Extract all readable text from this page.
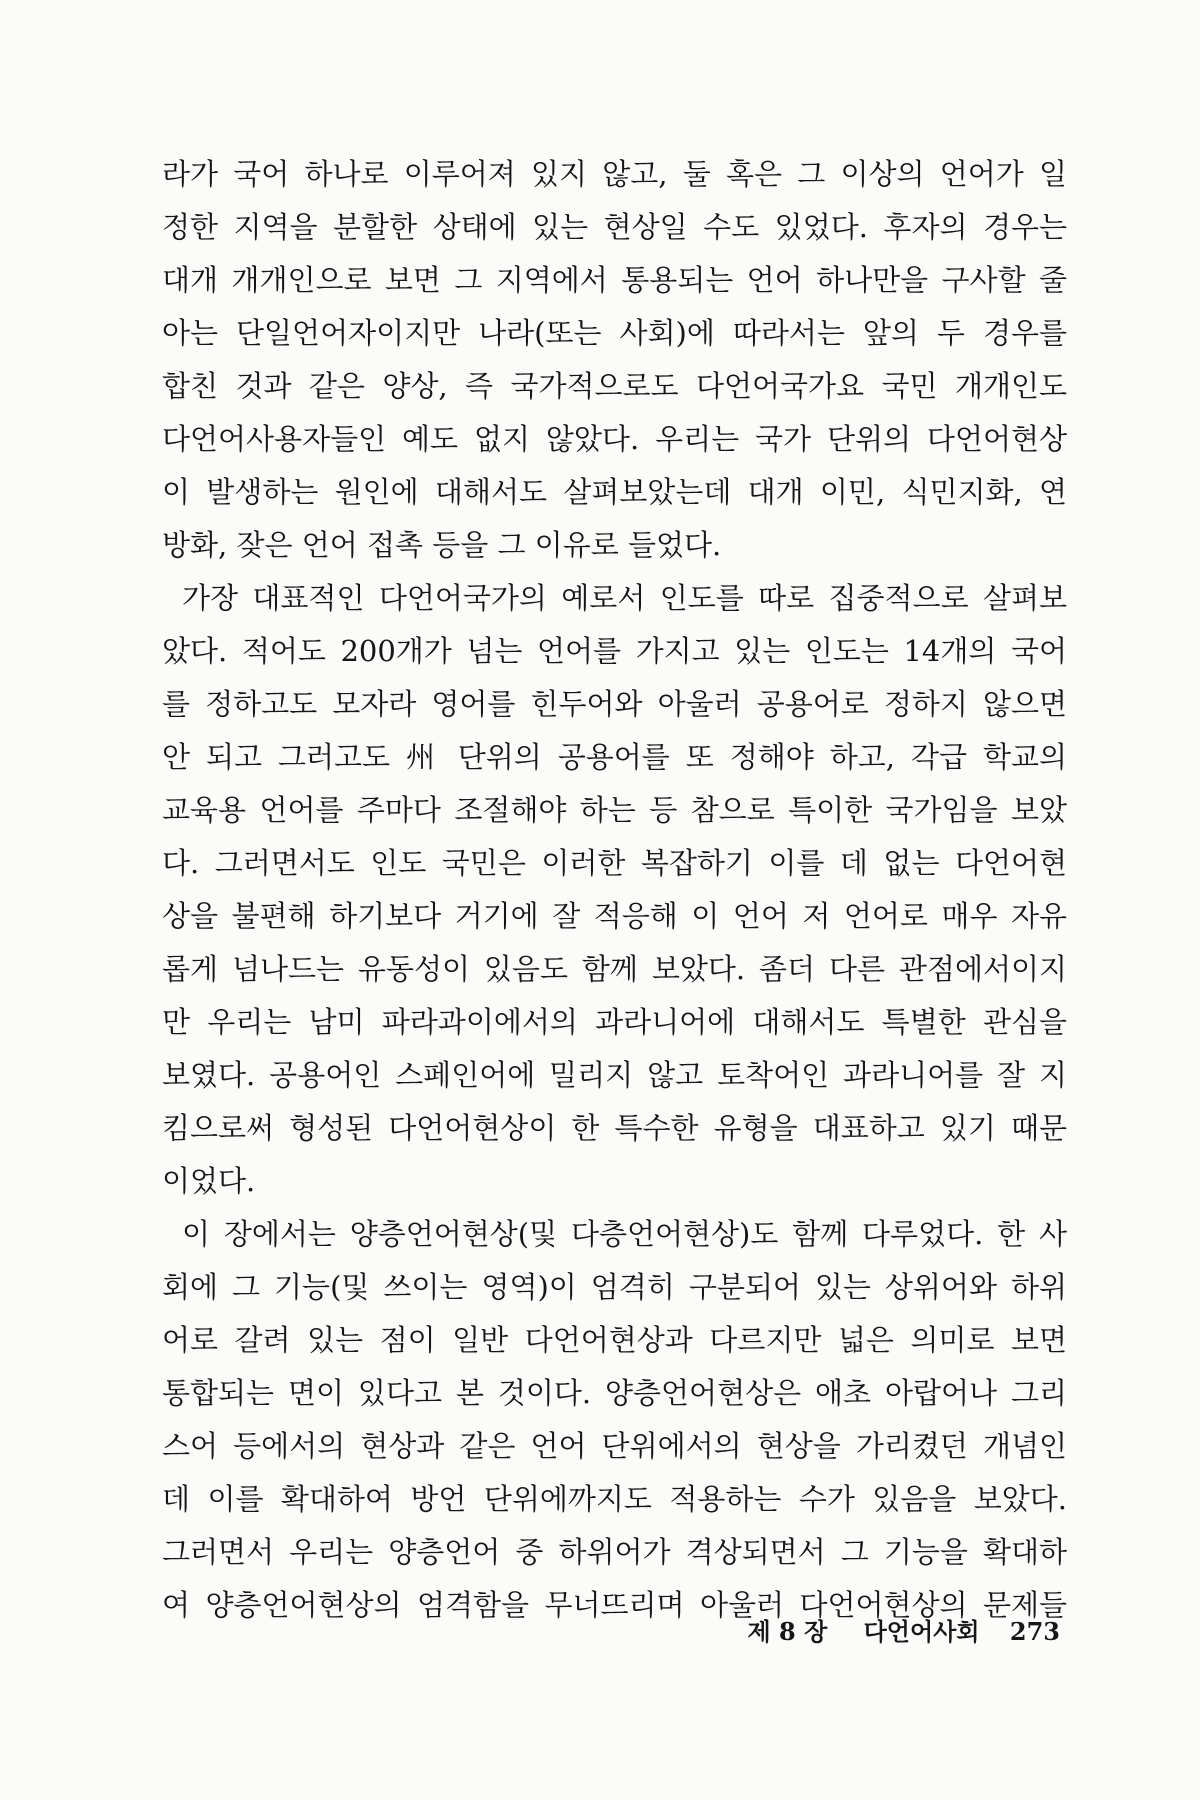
라가 국어 하나로 이루어져 있지 않고, 둘 혹은 그 이상의 언어가 일
정한 지역을 분할한 상태에 있는 현상일 수도 있었다. 후자의 경우는
대개 개개인으로 보면 그 지역에서 통용되는 언어 하나만을 구사할 줄
아는 단일언어자이지만 나라(또는 사회)에 따라서는 앞의 두 경우를
합친 것과 같은 양상, 즉 국가적으로도 다언어국가요 국민 개개인도
다언어사용자들인 예도 없지 않았다. 우리는 국가 단위의 다언어현상
이 발생하는 원인에 대해서도 살펴보았는데 대개 이민, 식민지화, 연
방화, 잦은 언어 접촉 등을 그 이유로 들었다.
가장 대표적인 다언어국가의 예로서 인도를 따로 집중적으로 살펴보
았다. 적어도 200개가 넘는 언어를 가지고 있는 인도는 14개의 국어
를 정하고도 모자라 영어를 힌두어와 아울러 공용어로 정하지 않으면
안 되고 그러고도 州 단위의 공용어를 또 정해야 하고, 각급 학교의
교육용 언어를 주마다 조절해야 하는 등 참으로 특이한 국가임을 보았
다. 그러면서도 인도 국민은 이러한 복잡하기 이를 데 없는 다언어현
상을 불편해 하기보다 거기에 잘 적응해 이 언어 저 언어로 매우 자유
롭게 넘나드는 유동성이 있음도 함께 보았다. 좀더 다른 관점에서이지
만 우리는 남미 파라과이에서의 과라니어에 대해서도 특별한 관심을
보였다. 공용어인 스페인어에 밀리지 않고 토착어인 과라니어를 잘 지
킴으로써 형성된 다언어현상이 한 특수한 유형을 대표하고 있기 때문
이었다.
이 장에서는 양층언어현상(및 다층언어현상)도 함께 다루었다. 한 사
회에 그 기능(및 쓰이는 영역)이 엄격히 구분되어 있는 상위어와 하위
어로 갈려 있는 점이 일반 다언어현상과 다르지만 넓은 의미로 보면
통합되는 면이 있다고 본 것이다. 양층언어현상은 애초 아랍어나 그리
스어 등에서의 현상과 같은 언어 단위에서의 현상을 가리켰던 개념인
데 이를 확대하여 방언 단위에까지도 적용하는 수가 있음을 보았다.
그러면서 우리는 양층언어 중 하위어가 격상되면서 그 기능을 확대하
여 양층언어현상의 엄격함을 무너뜨리며 아울러 다언어현상의 문제들
제 8 장 다언어사회 273
